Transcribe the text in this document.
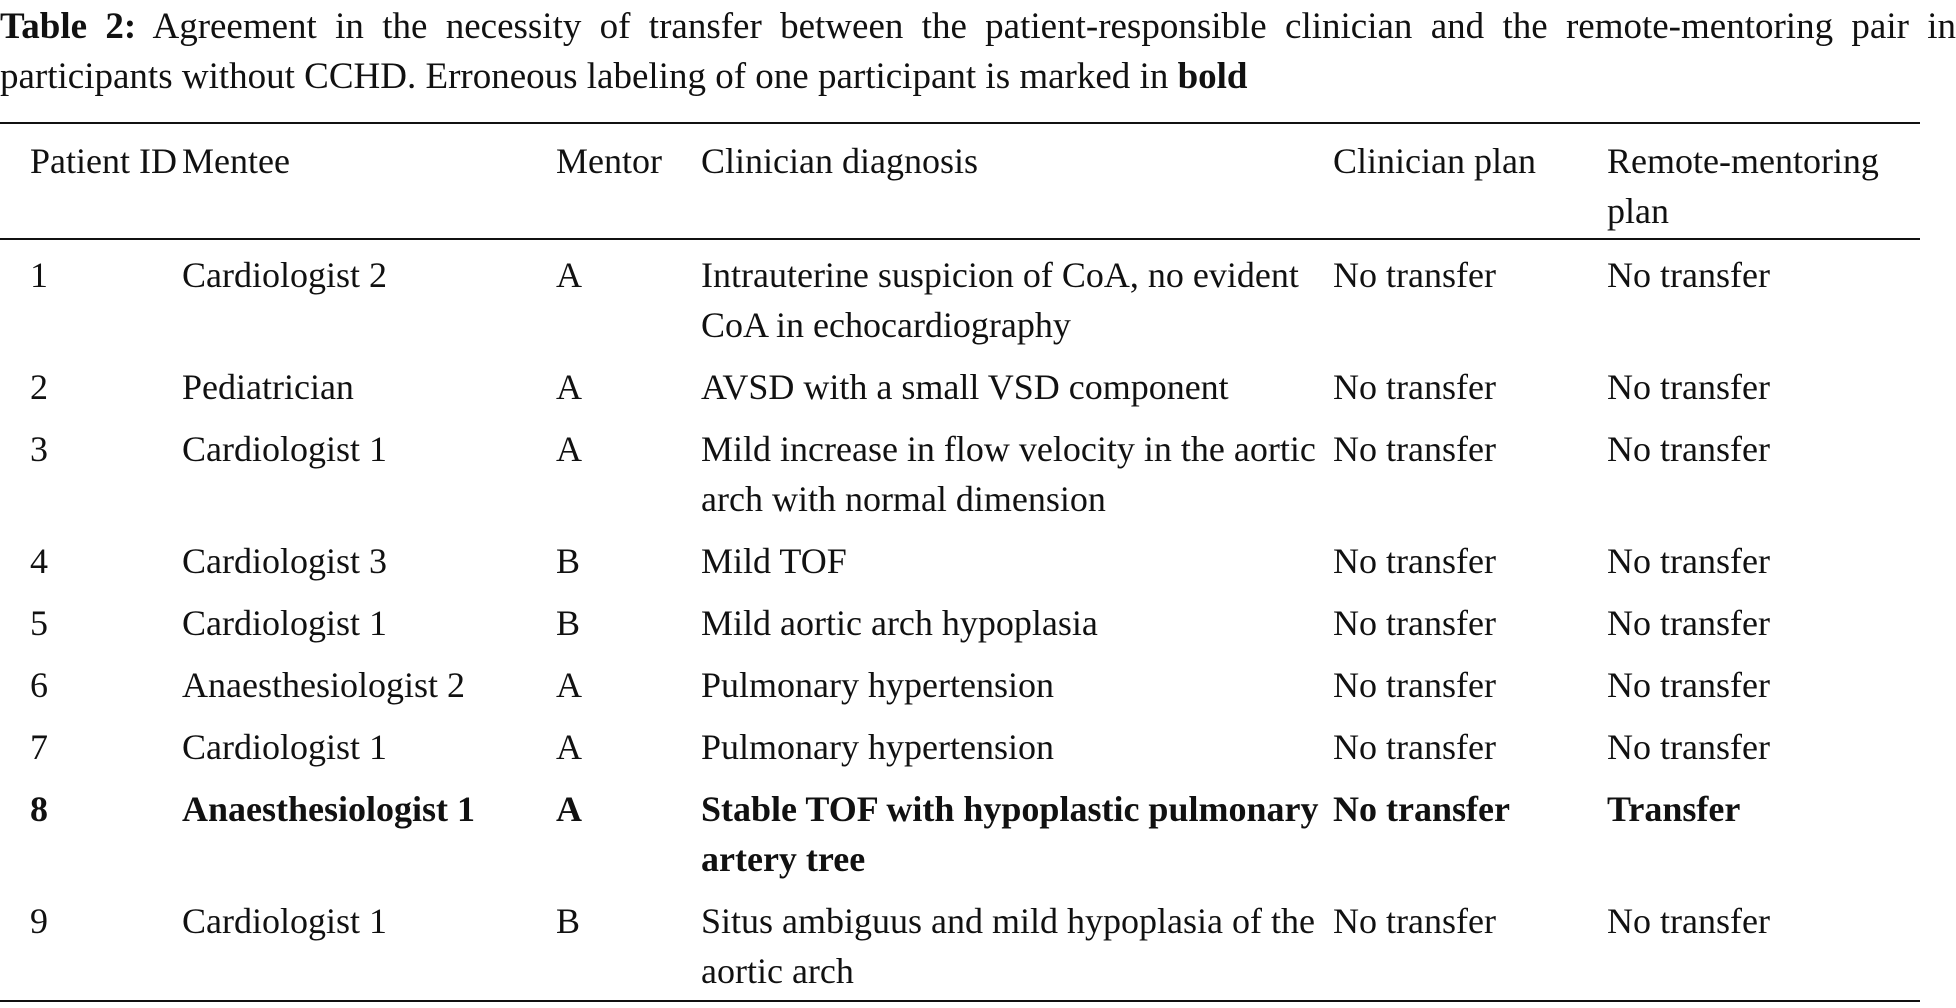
Table 2: Agreement in the necessity of transfer between the patient-responsible clinician and the remote-mentoring pair in participants without CCHD. Erroneous labeling of one participant is marked in bold

Patient ID	Mentee	Mentor	Clinician diagnosis	Clinician plan	Remote-mentoring plan
1	Cardiologist 2	A	Intrauterine suspicion of CoA, no evident CoA in echocardiography	No transfer	No transfer
2	Pediatrician	A	AVSD with a small VSD component	No transfer	No transfer
3	Cardiologist 1	A	Mild increase in flow velocity in the aortic arch with normal dimension	No transfer	No transfer
4	Cardiologist 3	B	Mild TOF	No transfer	No transfer
5	Cardiologist 1	B	Mild aortic arch hypoplasia	No transfer	No transfer
6	Anaesthesiologist 2	A	Pulmonary hypertension	No transfer	No transfer
7	Cardiologist 1	A	Pulmonary hypertension	No transfer	No transfer
8	Anaesthesiologist 1	A	Stable TOF with hypoplastic pulmonary artery tree	No transfer	Transfer
9	Cardiologist 1	B	Situs ambiguus and mild hypoplasia of the aortic arch	No transfer	No transfer
